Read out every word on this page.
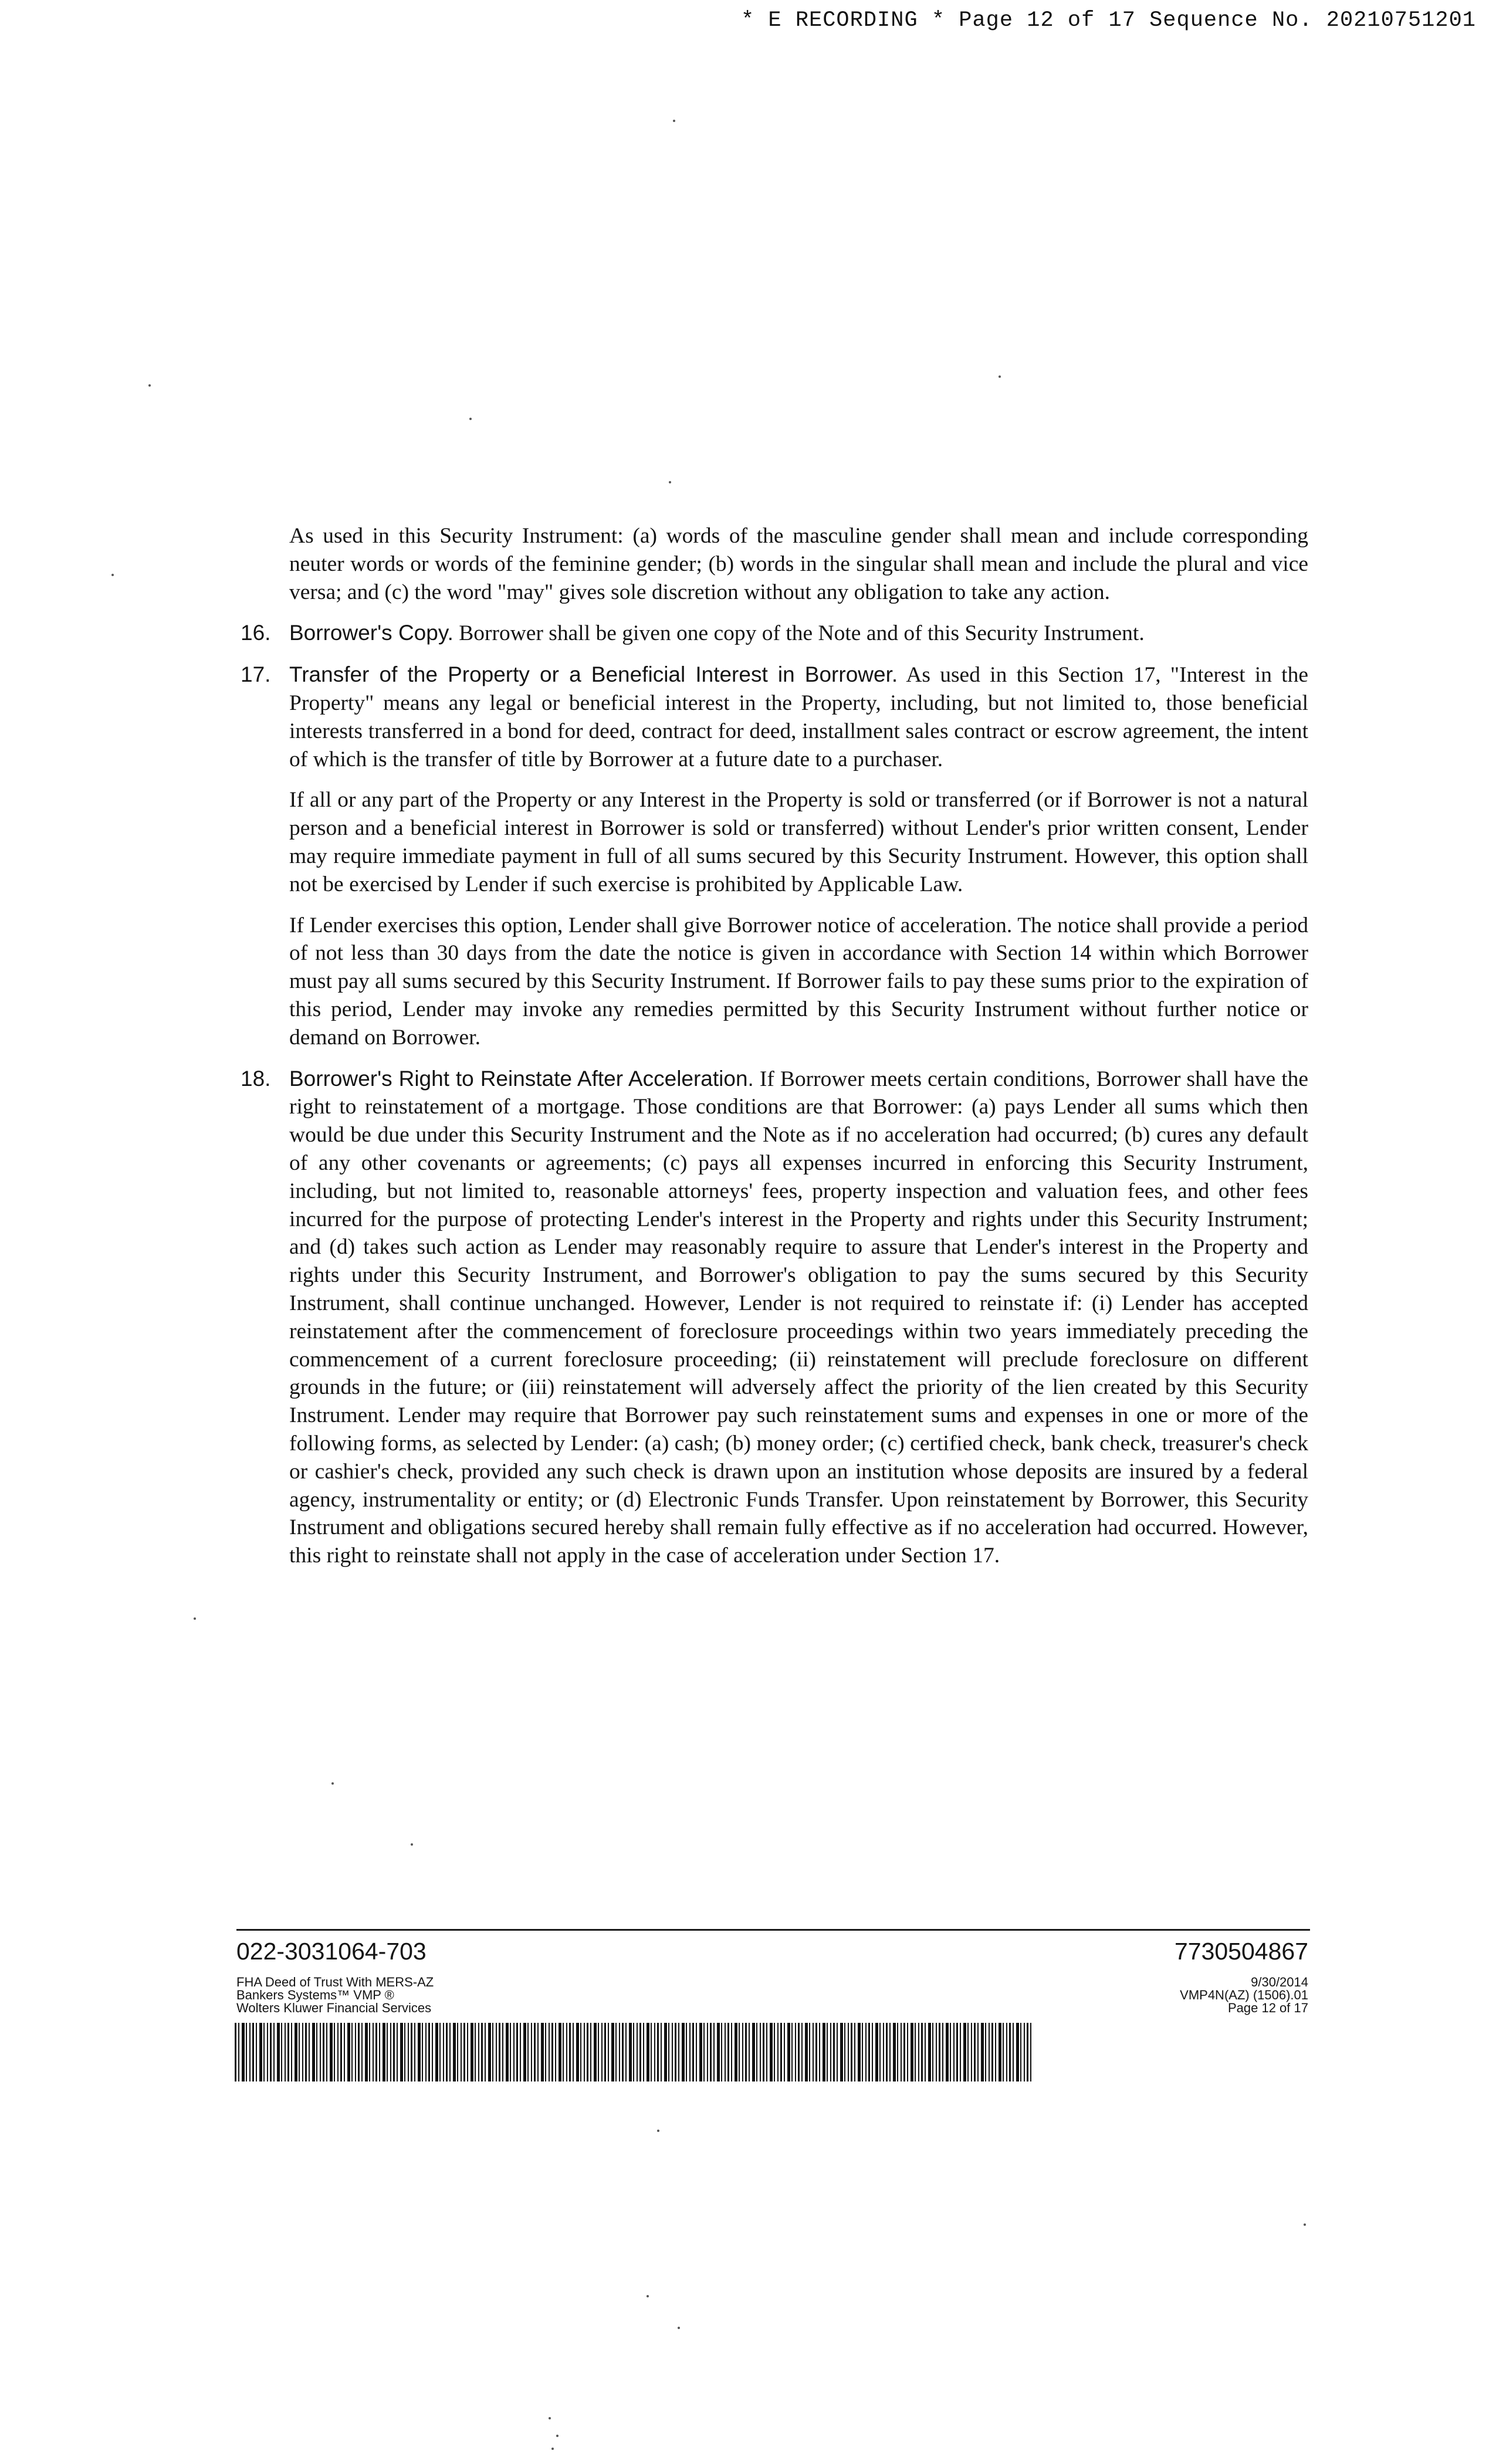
* E RECORDING * Page 12 of 17 Sequence No. 20210751201

As used in this Security Instrument: (a) words of the masculine gender shall mean and include corresponding neuter words or words of the feminine gender; (b) words in the singular shall mean and include the plural and vice versa; and (c) the word "may" gives sole discretion without any obligation to take any action.

16. Borrower's Copy. Borrower shall be given one copy of the Note and of this Security Instrument.
17. Transfer of the Property or a Beneficial Interest in Borrower. As used in this Section 17, "Interest in the Property" means any legal or beneficial interest in the Property, including, but not limited to, those beneficial interests transferred in a bond for deed, contract for deed, installment sales contract or escrow agreement, the intent of which is the transfer of title by Borrower at a future date to a purchaser.
If all or any part of the Property or any Interest in the Property is sold or transferred (or if Borrower is not a natural person and a beneficial interest in Borrower is sold or transferred) without Lender's prior written consent, Lender may require immediate payment in full of all sums secured by this Security Instrument. However, this option shall not be exercised by Lender if such exercise is prohibited by Applicable Law.
If Lender exercises this option, Lender shall give Borrower notice of acceleration. The notice shall provide a period of not less than 30 days from the date the notice is given in accordance with Section 14 within which Borrower must pay all sums secured by this Security Instrument. If Borrower fails to pay these sums prior to the expiration of this period, Lender may invoke any remedies permitted by this Security Instrument without further notice or demand on Borrower.
18. Borrower's Right to Reinstate After Acceleration. If Borrower meets certain conditions, Borrower shall have the right to reinstatement of a mortgage. Those conditions are that Borrower: (a) pays Lender all sums which then would be due under this Security Instrument and the Note as if no acceleration had occurred; (b) cures any default of any other covenants or agreements; (c) pays all expenses incurred in enforcing this Security Instrument, including, but not limited to, reasonable attorneys' fees, property inspection and valuation fees, and other fees incurred for the purpose of protecting Lender's interest in the Property and rights under this Security Instrument; and (d) takes such action as Lender may reasonably require to assure that Lender's interest in the Property and rights under this Security Instrument, and Borrower's obligation to pay the sums secured by this Security Instrument, shall continue unchanged. However, Lender is not required to reinstate if: (i) Lender has accepted reinstatement after the commencement of foreclosure proceedings within two years immediately preceding the commencement of a current foreclosure proceeding; (ii) reinstatement will preclude foreclosure on different grounds in the future; or (iii) reinstatement will adversely affect the priority of the lien created by this Security Instrument. Lender may require that Borrower pay such reinstatement sums and expenses in one or more of the following forms, as selected by Lender: (a) cash; (b) money order; (c) certified check, bank check, treasurer's check or cashier's check, provided any such check is drawn upon an institution whose deposits are insured by a federal agency, instrumentality or entity; or (d) Electronic Funds Transfer. Upon reinstatement by Borrower, this Security Instrument and obligations secured hereby shall remain fully effective as if no acceleration had occurred. However, this right to reinstate shall not apply in the case of acceleration under Section 17.
022-3031064-703	7730504867
FHA Deed of Trust With MERS-AZ
Bankers Systems™ VMP ®
Wolters Kluwer Financial Services
9/30/2014
VMP4N(AZ) (1506).01
Page 12 of 17
